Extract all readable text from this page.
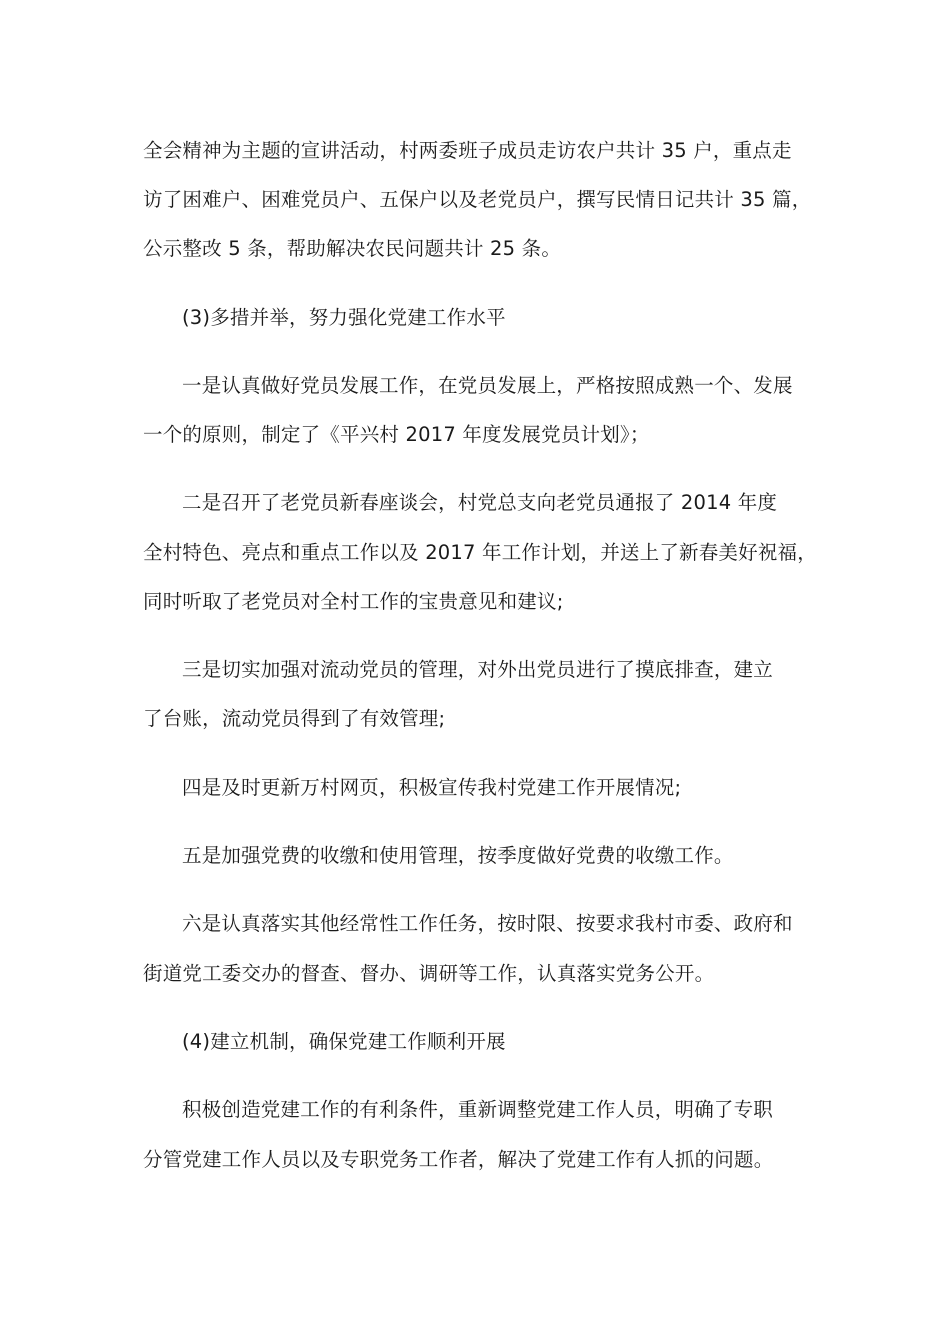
全会精神为主题的宣讲活动，村两委班子成员走访农户共计 35 户，重点走
访了困难户、困难党员户、五保户以及老党员户，撰写民情日记共计 35 篇，
公示整改 5 条，帮助解决农民问题共计 25 条。
(3)多措并举，努力强化党建工作水平
一是认真做好党员发展工作，在党员发展上，严格按照成熟一个、发展
一个的原则，制定了《平兴村 2017 年度发展党员计划》；
二是召开了老党员新春座谈会，村党总支向老党员通报了 2014 年度
全村特色、亮点和重点工作以及 2017 年工作计划，并送上了新春美好祝福，
同时听取了老党员对全村工作的宝贵意见和建议;
三是切实加强对流动党员的管理，对外出党员进行了摸底排查，建立
了台账，流动党员得到了有效管理;
四是及时更新万村网页，积极宣传我村党建工作开展情况;
五是加强党费的收缴和使用管理，按季度做好党费的收缴工作。
六是认真落实其他经常性工作任务，按时限、按要求我村市委、政府和
街道党工委交办的督查、督办、调研等工作，认真落实党务公开。
(4)建立机制，确保党建工作顺利开展
积极创造党建工作的有利条件，重新调整党建工作人员，明确了专职
分管党建工作人员以及专职党务工作者，解决了党建工作有人抓的问题。
